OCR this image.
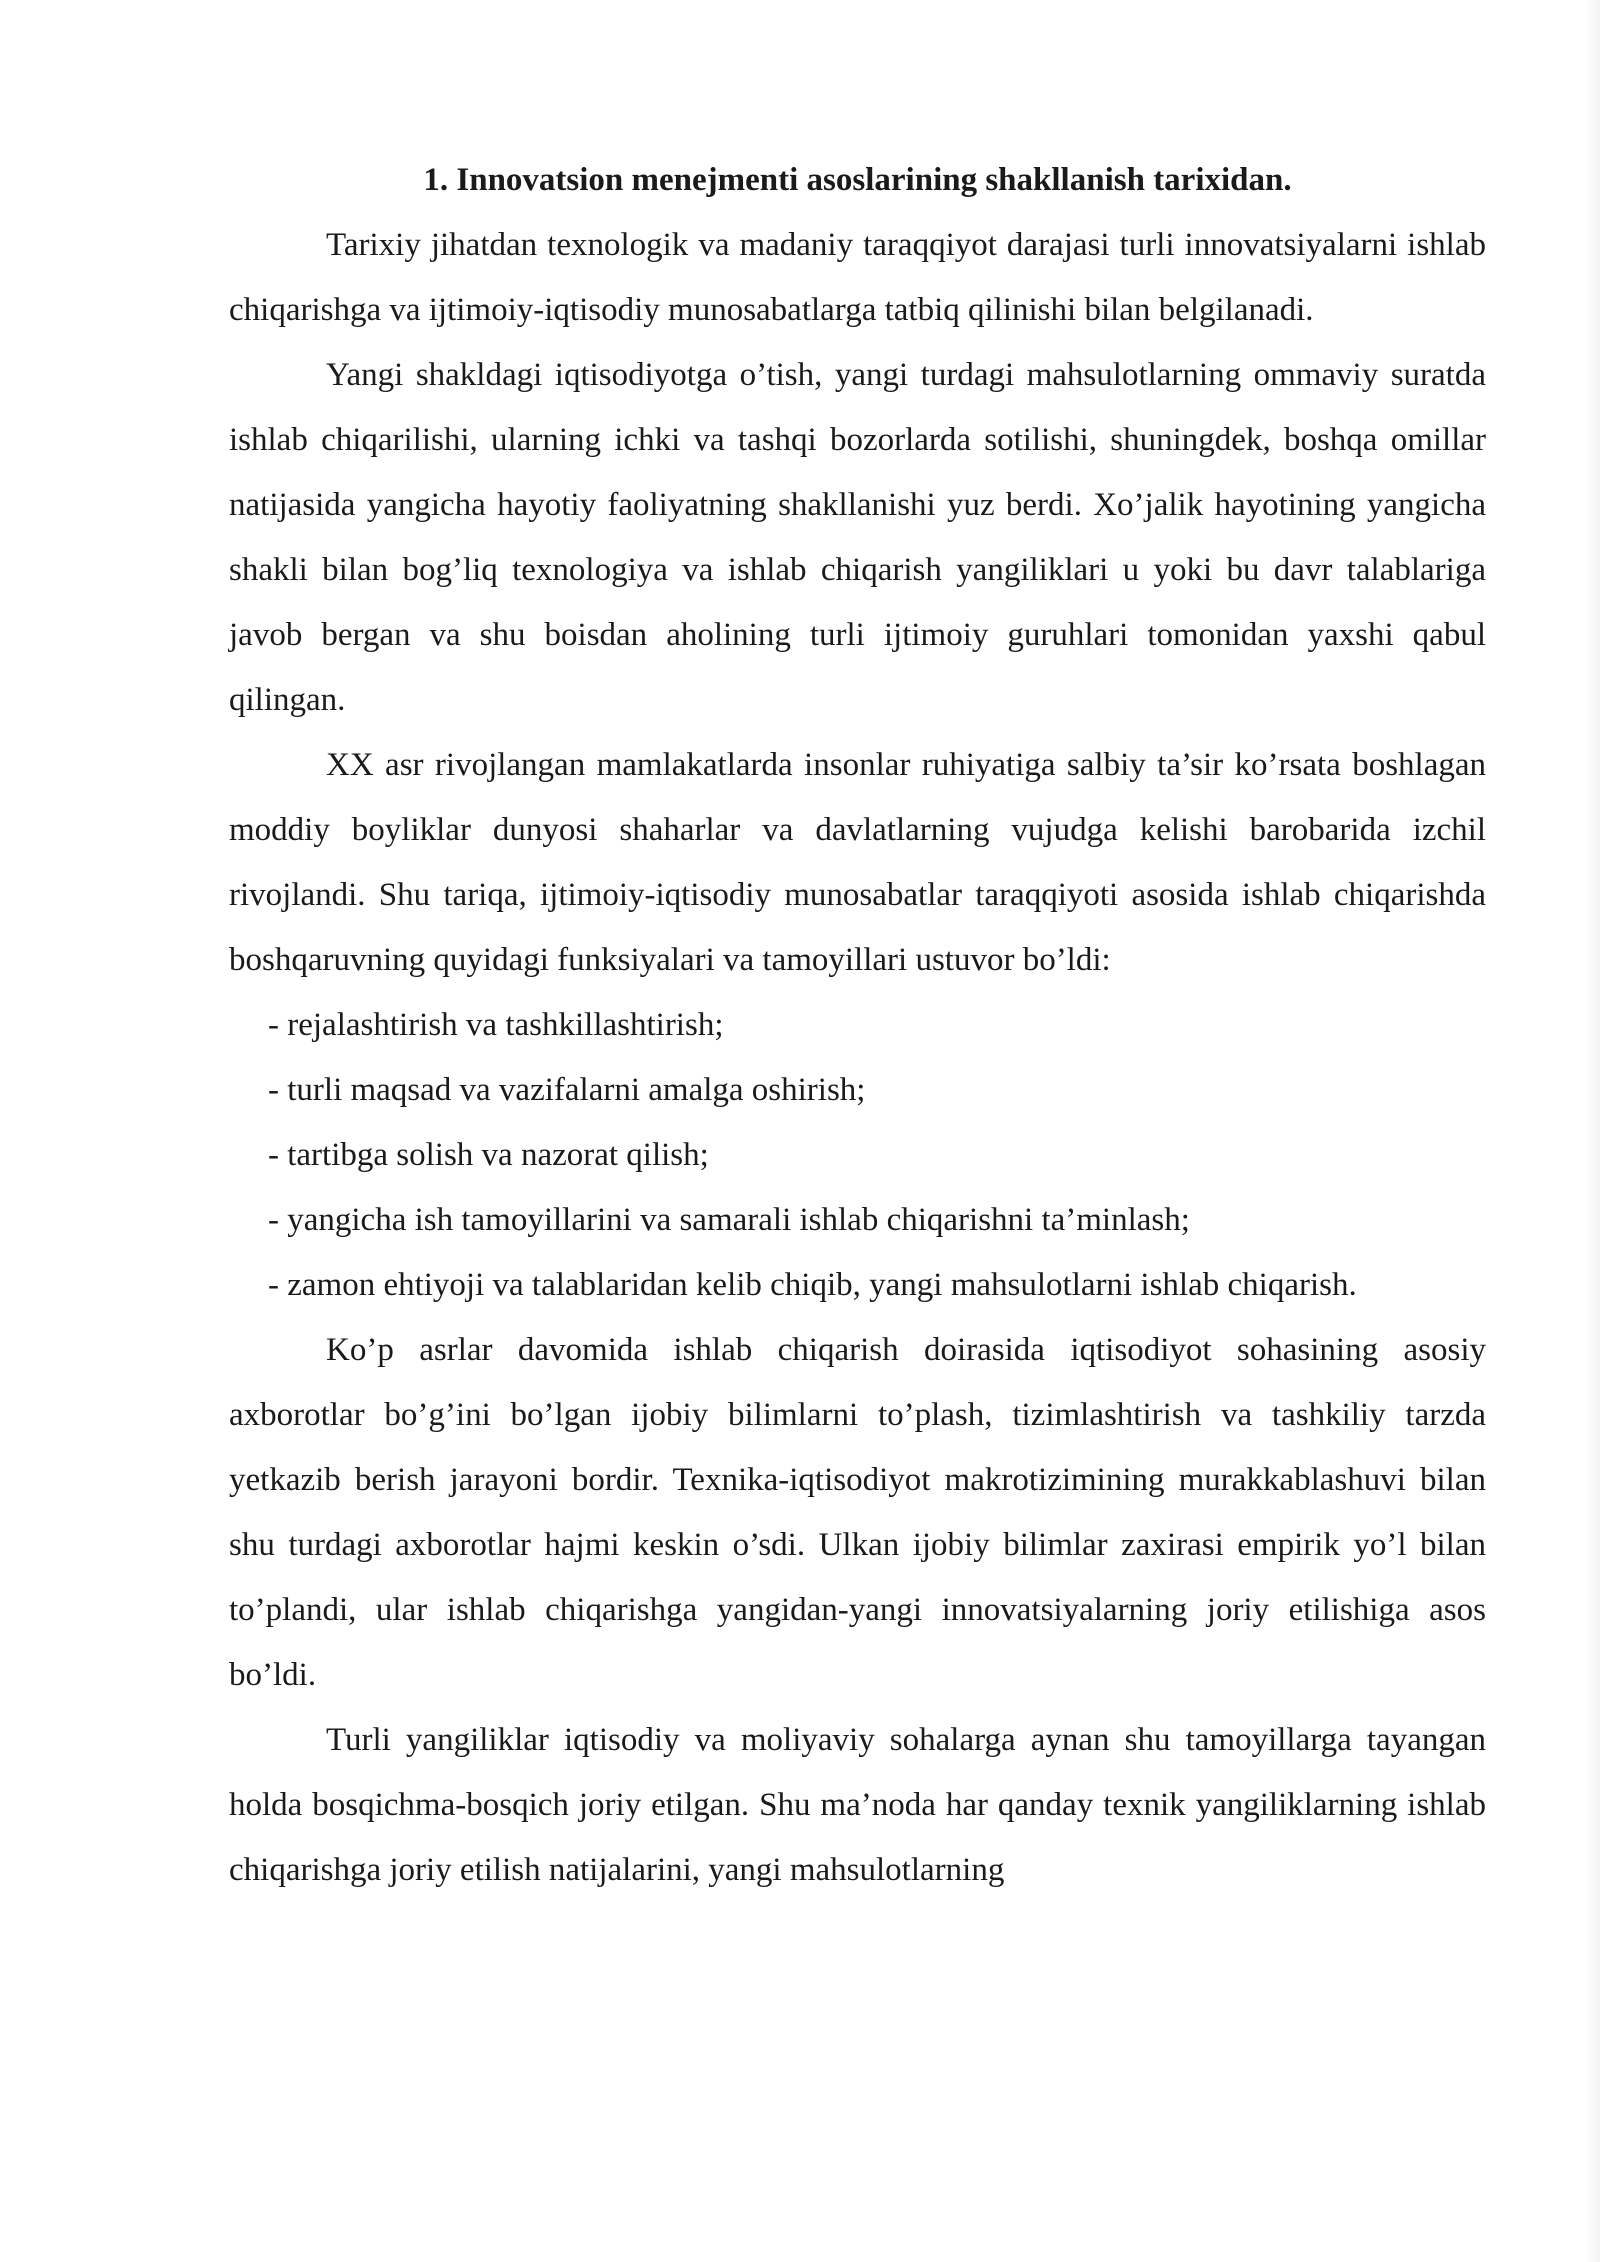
1. Innovatsion menejmenti asoslarining shakllanish tarixidan.

Tarixiy jihatdan texnologik va madaniy taraqqiyot darajasi turli innovatsiyalarni ishlab chiqarishga va ijtimoiy-iqtisodiy munosabatlarga tatbiq qilinishi bilan belgilanadi.

Yangi shakldagi iqtisodiyotga o’tish, yangi turdagi mahsulotlarning ommaviy suratda ishlab chiqarilishi, ularning ichki va tashqi bozorlarda sotilishi, shuningdek, boshqa omillar natijasida yangicha hayotiy faoliyatning shakllanishi yuz berdi. Xo’jalik hayotining yangicha shakli bilan bog’liq texnologiya va ishlab chiqarish yangiliklari u yoki bu davr talablariga javob bergan va shu boisdan aholining turli ijtimoiy guruhlari tomonidan yaxshi qabul qilingan.

XX asr rivojlangan mamlakatlarda insonlar ruhiyatiga salbiy ta’sir ko’rsata boshlagan moddiy boyliklar dunyosi shaharlar va davlatlarning vujudga kelishi barobarida izchil rivojlandi. Shu tariqa, ijtimoiy-iqtisodiy munosabatlar taraqqiyoti asosida ishlab chiqarishda boshqaruvning quyidagi funksiyalari va tamoyillari ustuvor bo’ldi:

- rejalashtirish va tashkillashtirish;

- turli maqsad va vazifalarni amalga oshirish;

- tartibga solish va nazorat qilish;

- yangicha ish tamoyillarini va samarali ishlab chiqarishni ta’minlash;

- zamon ehtiyoji va talablaridan kelib chiqib, yangi mahsulotlarni ishlab chiqarish.

Ko’p asrlar davomida ishlab chiqarish doirasida iqtisodiyot sohasining asosiy axborotlar bo’g’ini bo’lgan ijobiy bilimlarni to’plash, tizimlashtirish va tashkiliy tarzda yetkazib berish jarayoni bordir. Texnika-iqtisodiyot makrotizimining murakkablashuvi bilan shu turdagi axborotlar hajmi keskin o’sdi. Ulkan ijobiy bilimlar zaxirasi empirik yo’l bilan to’plandi, ular ishlab chiqarishga yangidan-yangi innovatsiyalarning joriy etilishiga asos bo’ldi.

Turli yangiliklar iqtisodiy va moliyaviy sohalarga aynan shu tamoyillarga tayangan holda bosqichma-bosqich joriy etilgan. Shu ma’noda har qanday texnik yangiliklarning ishlab chiqarishga joriy etilish natijalarini, yangi mahsulotlarning
